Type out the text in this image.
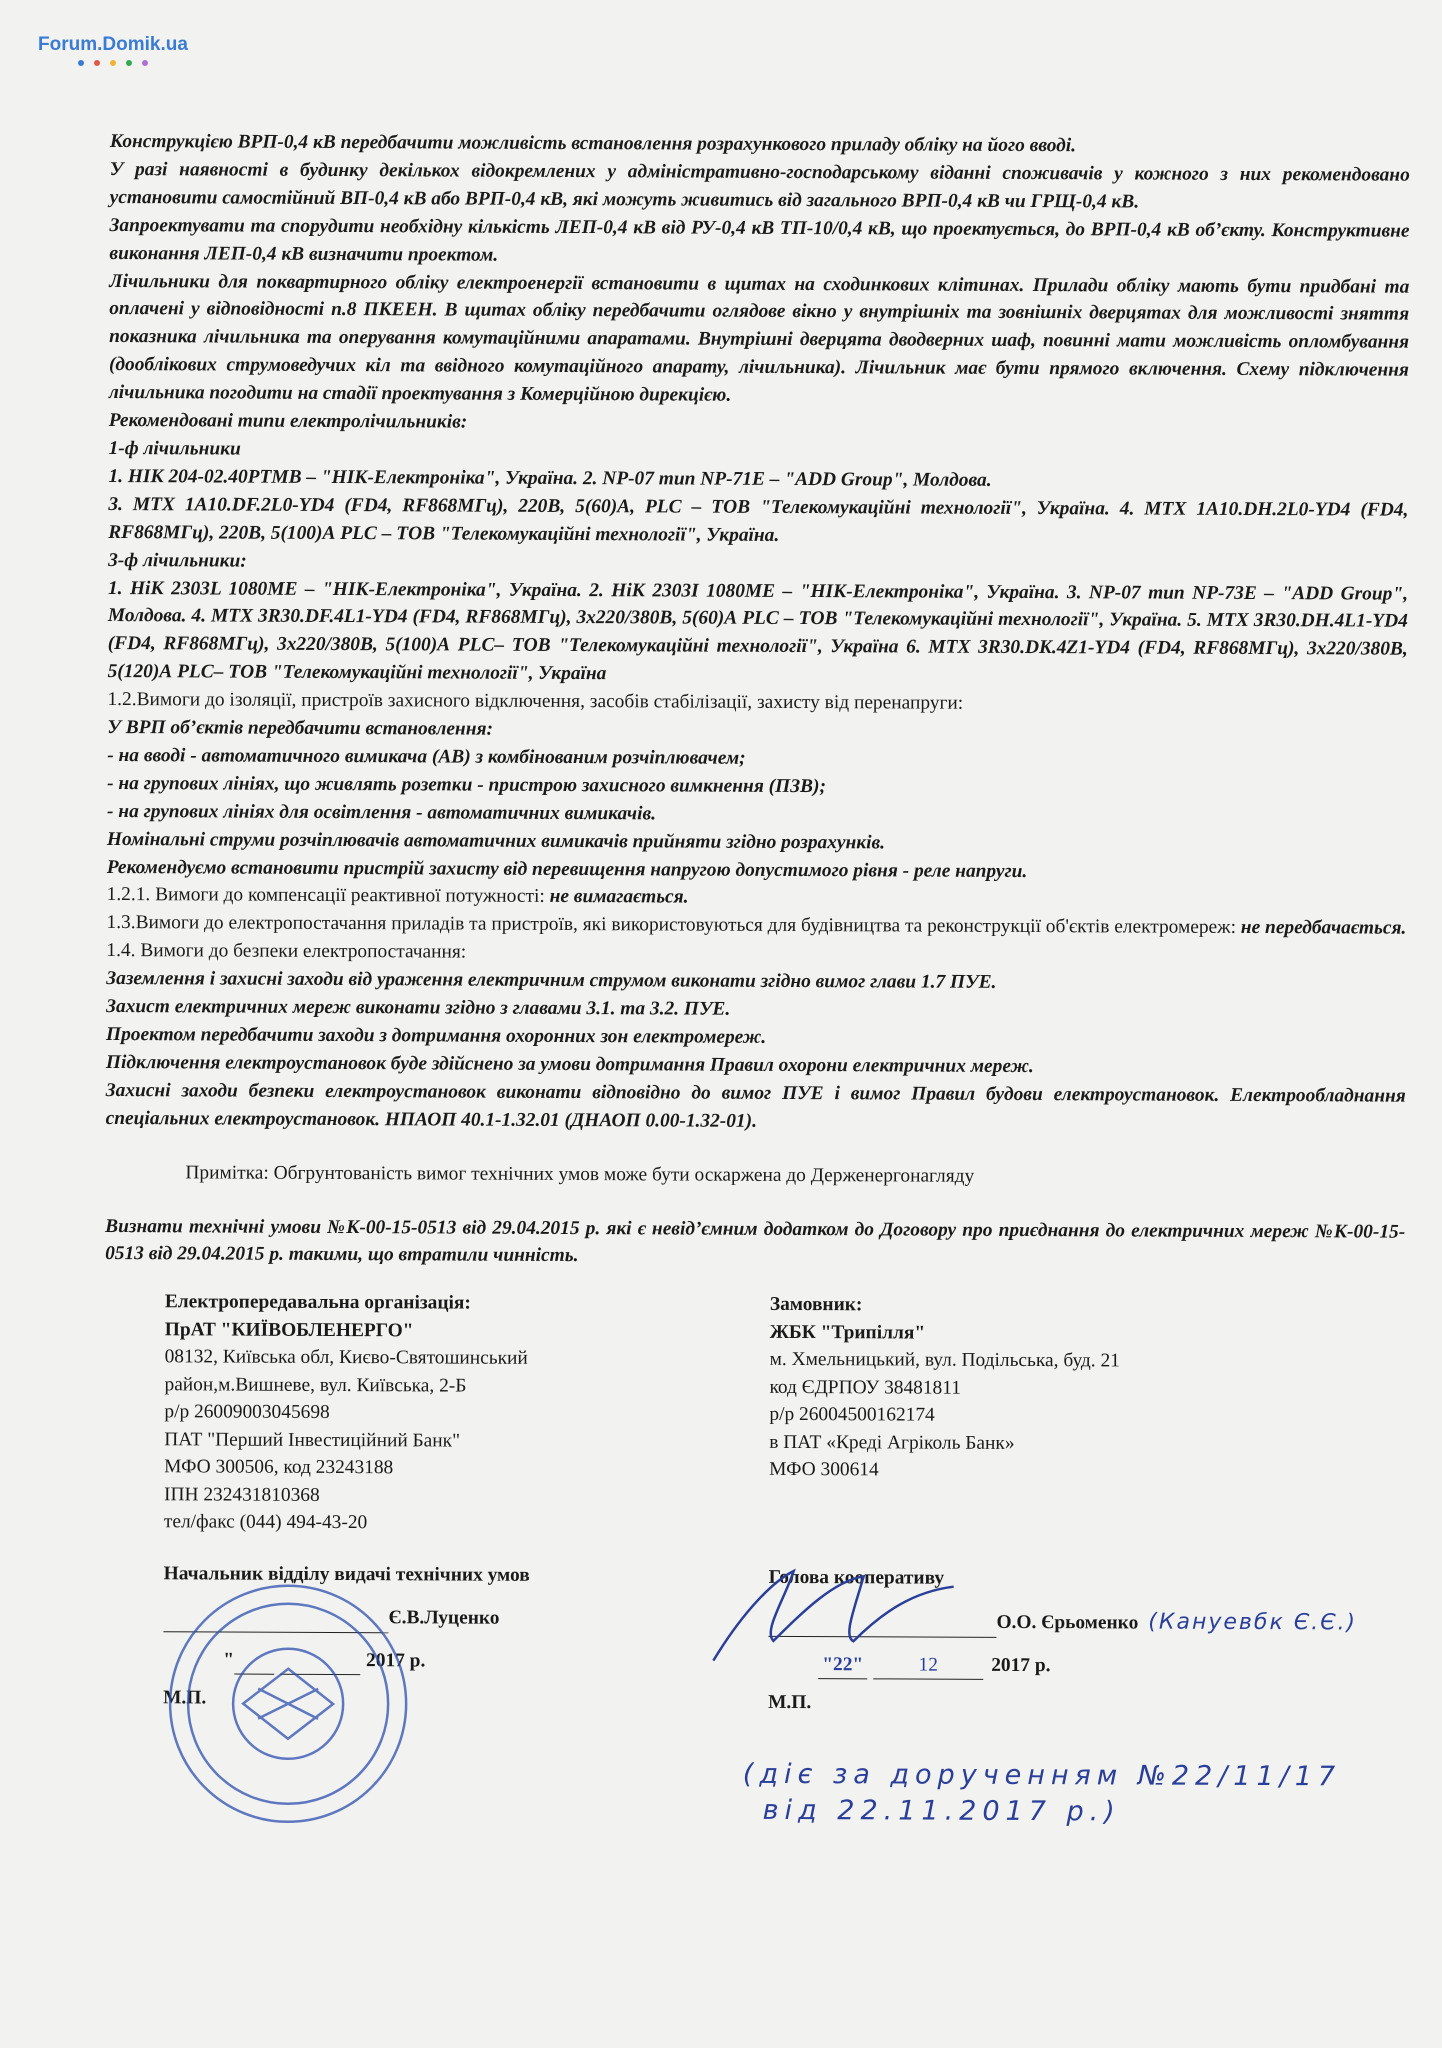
Forum.Domik.ua

Конструкцією ВРП-0,4 кВ передбачити можливість встановлення розрахункового приладу обліку на його вводі.

У разі наявності в будинку декількох відокремлених у адміністративно-господарському віданні споживачів у кожного з них рекомендовано установити самостійний ВП-0,4 кВ або ВРП-0,4 кВ, які можуть живитись від загального ВРП-0,4 кВ чи ГРЩ-0,4 кВ.

Запроектувати та спорудити необхідну кількість ЛЕП-0,4 кВ від РУ-0,4 кВ ТП-10/0,4 кВ, що проектується, до ВРП-0,4 кВ об’єкту. Конструктивне виконання ЛЕП-0,4 кВ визначити проектом.

Лічильники для поквартирного обліку електроенергії встановити в щитах на сходинкових клітинах. Прилади обліку мають бути придбані та оплачені у відповідності п.8 ПКЕЕН. В щитах обліку передбачити оглядове вікно у внутрішніх та зовнішніх дверцятах для можливості зняття показника лічильника та оперування комутаційними апаратами. Внутрішні дверцята дводверних шаф, повинні мати можливість опломбування (дооблікових струмоведучих кіл та ввідного комутаційного апарату, лічильника). Лічильник має бути прямого включення. Схему підключення лічильника погодити на стадії проектування з Комерційною дирекцією.

Рекомендовані типи електролічильників:

1-ф лічильники

1. НІК 204-02.40РТМВ – "НІК-Електроніка", Україна. 2. NP-07 тип NP-71Е – "ADD Group", Молдова.

3. МТХ 1А10.DF.2L0-YD4 (FD4, RF868МГц), 220В, 5(60)А, PLC – ТОВ "Телекомукаційні технології", Україна. 4. МТХ 1А10.DH.2L0-YD4 (FD4, RF868МГц), 220В, 5(100)А PLC – ТОВ "Телекомукаційні технології", Україна.

3-ф лічильники:

1. НіК 2303L 1080МЕ – "НІК-Електроніка", Україна. 2. НіК 2303І 1080МЕ – "НІК-Електроніка", Україна. 3. NP-07 тип NP-73Е – "ADD Group", Молдова. 4. МТХ 3R30.DF.4L1-YD4 (FD4, RF868МГц), 3х220/380В, 5(60)А PLC – ТОВ "Телекомукаційні технології", Україна. 5. МТХ 3R30.DH.4L1-YD4 (FD4, RF868МГц), 3х220/380В, 5(100)А PLC– ТОВ "Телекомукаційні технології", Україна 6. МТХ 3R30.DK.4Z1-YD4 (FD4, RF868МГц), 3х220/380В, 5(120)А PLC– ТОВ "Телекомукаційні технології", Україна

1.2.Вимоги до ізоляції, пристроїв захисного відключення, засобів стабілізації, захисту від перенапруги:

У ВРП об’єктів передбачити встановлення:

- на вводі - автоматичного вимикача (АВ) з комбінованим розчіплювачем;

- на групових лініях, що живлять розетки - пристрою захисного вимкнення (ПЗВ);

- на групових лініях для освітлення - автоматичних вимикачів.

Номінальні струми розчіплювачів автоматичних вимикачів прийняти згідно розрахунків.

Рекомендуємо встановити пристрій захисту від перевищення напругою допустимого рівня - реле напруги.

1.2.1. Вимоги до компенсації реактивної потужності: не вимагається.

1.3.Вимоги до електропостачання приладів та пристроїв, які використовуються для будівництва та реконструкції об'єктів електромереж: не передбачається.

1.4. Вимоги до безпеки електропостачання:

Заземлення і захисні заходи від ураження електричним струмом виконати згідно вимог глави 1.7 ПУЕ.

Захист електричних мереж виконати згідно з главами 3.1. та 3.2. ПУЕ.

Проектом передбачити заходи з дотримання охоронних зон електромереж.

Підключення електроустановок буде здійснено за умови дотримання Правил охорони електричних мереж.

Захисні заходи безпеки електроустановок виконати відповідно до вимог ПУЕ і вимог Правил будови електроустановок. Електрообладнання спеціальних електроустановок. НПАОП 40.1-1.32.01 (ДНАОП 0.00-1.32-01).

Примітка: Обгрунтованість вимог технічних умов може бути оскаржена до Держенергонагляду

Визнати технічні умови №К-00-15-0513 від 29.04.2015 р. які є невід’ємним додатком до Договору про приєднання до електричних мереж №К-00-15-0513 від 29.04.2015 р. такими, що втратили чинність.

Електропередавальна організація:
ПрАТ "КИЇВОБЛЕНЕРГО"
08132, Київська обл, Києво-Святошинський
район,м.Вишневе, вул. Київська, 2-Б
р/р 26009003045698
ПАТ "Перший Інвестиційний Банк"
МФО 300506, код 23243188
ІПН 232431810368
тел/факс (044) 494-43-20
Начальник відділу видачі технічних умов

Є.В.Луценко
"

	2017 р.
М.П.
Замовник:
ЖБК "Трипілля"
м. Хмельницький, вул. Подільська, буд. 21
код ЄДРПОУ 38481811
р/р 26004500162174
в ПАТ «Креді Агріколь Банк»
МФО 300614
Голова кооперативу

О.О. Єрьоменко (Кануевбк Є.Є.)
"22"	12	2017 р.
М.П.
(діє за дорученням №22/11/17
від 22.11.2017 р.)
